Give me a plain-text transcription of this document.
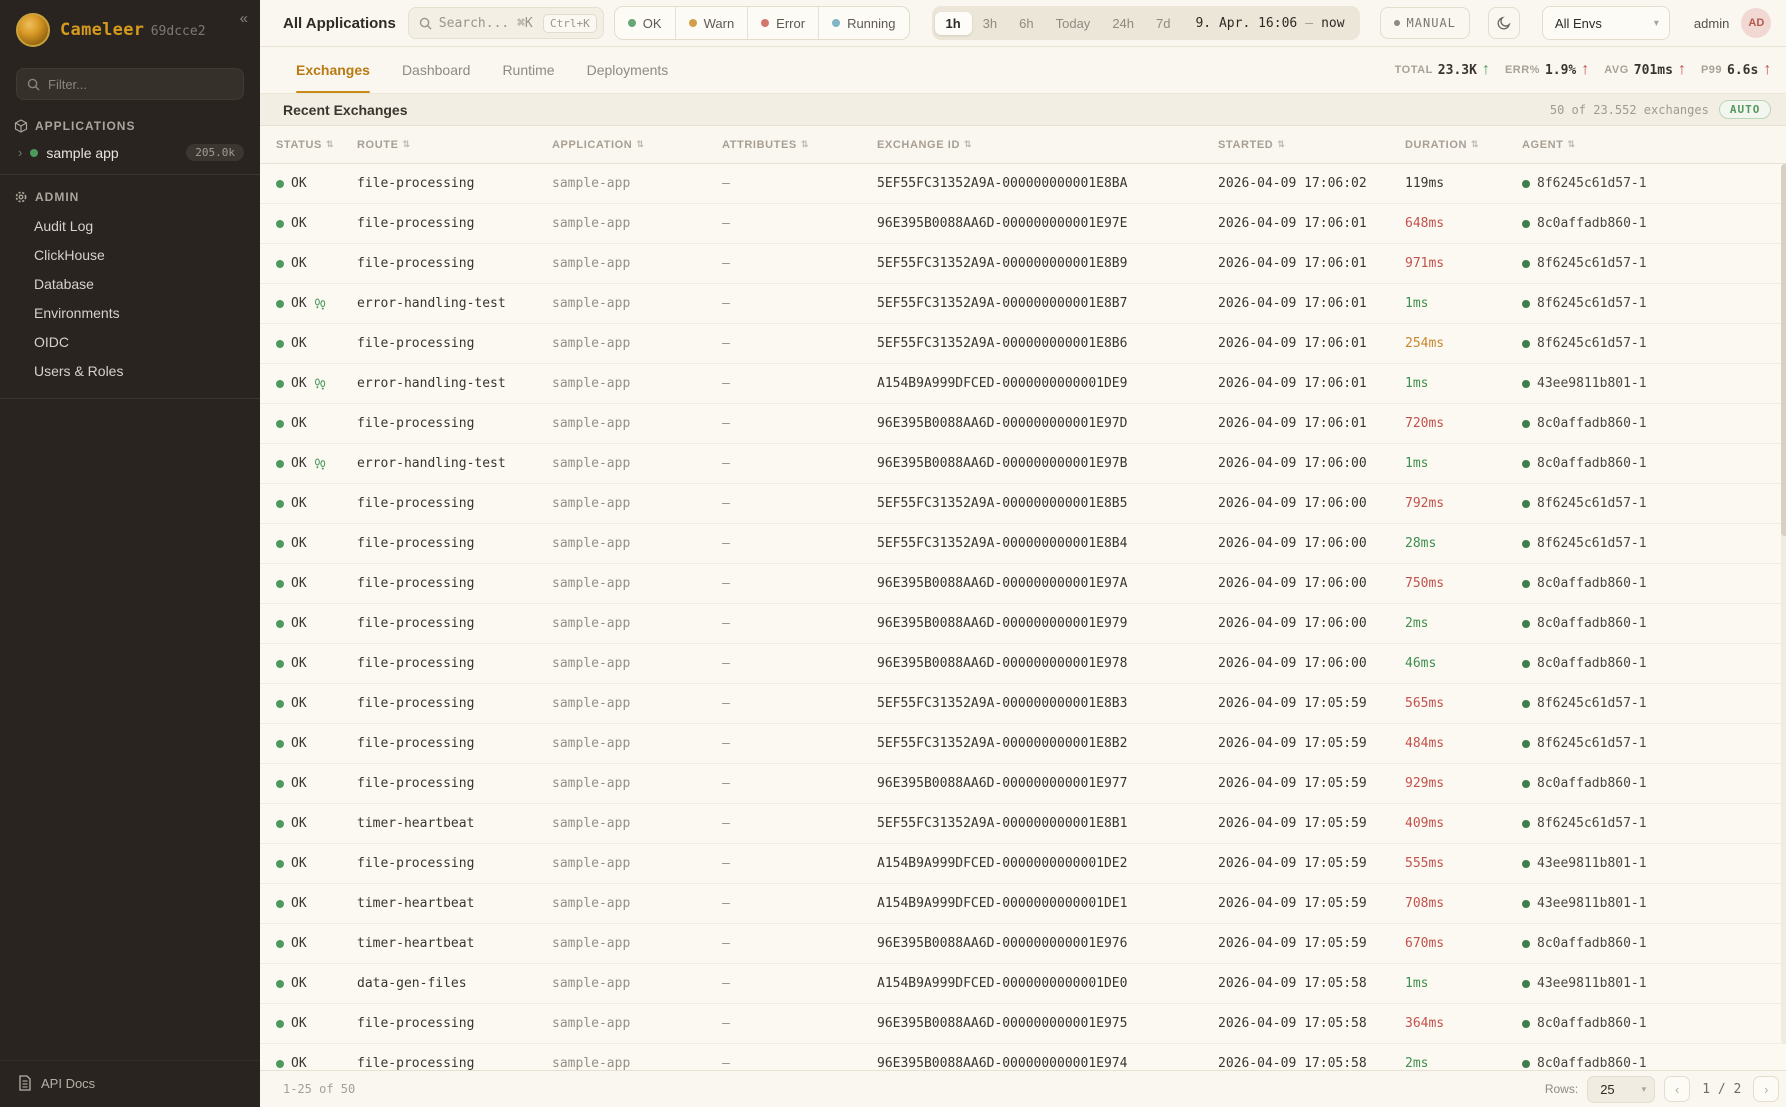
«
Cameleer 69dcce2
Filter...
APPLICATIONS
› sample app	205.0k
ADMIN
Audit Log
ClickHouse
Database
Environments
OIDC
Users & Roles
API Docs
All Applications	Search... ⌘K	Ctrl+K	OK	Warn	Error	Running	1h	3h	6h	Today	24h	7d	9. Apr. 16:06 — now	MANUAL	All Envs	▾	admin	AD
Exchanges Dashboard Runtime Deployments	TOTAL 23.3K ↑ ERR% 1.9% ↑ AVG 701ms ↑ P99 6.6s ↑
Recent Exchanges	50 of 23.552 exchanges	AUTO
STATUS ⇅ ROUTE ⇅	APPLICATION ⇅	ATTRIBUTES ⇅	EXCHANGE ID ⇅	STARTED ⇅	DURATION ⇅	AGENT ⇅
OK	file-processing	sample-app	—	5EF55FC31352A9A-000000000001E8BA	2026-04-09 17:06:02	119ms	8f6245c61d57-1
OK	file-processing	sample-app	—	96E395B0088AA6D-000000000001E97E	2026-04-09 17:06:01	648ms	8c0affadb860-1
OK	file-processing	sample-app	—	5EF55FC31352A9A-000000000001E8B9	2026-04-09 17:06:01	971ms	8f6245c61d57-1
OK	error-handling-test	sample-app	—	5EF55FC31352A9A-000000000001E8B7	2026-04-09 17:06:01	1ms	8f6245c61d57-1
OK	file-processing	sample-app	—	5EF55FC31352A9A-000000000001E8B6	2026-04-09 17:06:01	254ms	8f6245c61d57-1
OK	error-handling-test	sample-app	—	A154B9A999DFCED-0000000000001DE9	2026-04-09 17:06:01	1ms	43ee9811b801-1
OK	file-processing	sample-app	—	96E395B0088AA6D-000000000001E97D	2026-04-09 17:06:01	720ms	8c0affadb860-1
OK	error-handling-test	sample-app	—	96E395B0088AA6D-000000000001E97B	2026-04-09 17:06:00	1ms	8c0affadb860-1
OK	file-processing	sample-app	—	5EF55FC31352A9A-000000000001E8B5	2026-04-09 17:06:00	792ms	8f6245c61d57-1
OK	file-processing	sample-app	—	5EF55FC31352A9A-000000000001E8B4	2026-04-09 17:06:00	28ms	8f6245c61d57-1
OK	file-processing	sample-app	—	96E395B0088AA6D-000000000001E97A	2026-04-09 17:06:00	750ms	8c0affadb860-1
OK	file-processing	sample-app	—	96E395B0088AA6D-000000000001E979	2026-04-09 17:06:00	2ms	8c0affadb860-1
OK	file-processing	sample-app	—	96E395B0088AA6D-000000000001E978	2026-04-09 17:06:00	46ms	8c0affadb860-1
OK	file-processing	sample-app	—	5EF55FC31352A9A-000000000001E8B3	2026-04-09 17:05:59	565ms	8f6245c61d57-1
OK	file-processing	sample-app	—	5EF55FC31352A9A-000000000001E8B2	2026-04-09 17:05:59	484ms	8f6245c61d57-1
OK	file-processing	sample-app	—	96E395B0088AA6D-000000000001E977	2026-04-09 17:05:59	929ms	8c0affadb860-1
OK	timer-heartbeat	sample-app	—	5EF55FC31352A9A-000000000001E8B1	2026-04-09 17:05:59	409ms	8f6245c61d57-1
OK	file-processing	sample-app	—	A154B9A999DFCED-0000000000001DE2	2026-04-09 17:05:59	555ms	43ee9811b801-1
OK	timer-heartbeat	sample-app	—	A154B9A999DFCED-0000000000001DE1	2026-04-09 17:05:59	708ms	43ee9811b801-1
OK	timer-heartbeat	sample-app	—	96E395B0088AA6D-000000000001E976	2026-04-09 17:05:59	670ms	8c0affadb860-1
OK	data-gen-files	sample-app	—	A154B9A999DFCED-0000000000001DE0	2026-04-09 17:05:58	1ms	43ee9811b801-1
OK	file-processing	sample-app	—	96E395B0088AA6D-000000000001E975	2026-04-09 17:05:58	364ms	8c0affadb860-1
OK	file-processing	sample-app	—	96E395B0088AA6D-000000000001E974	2026-04-09 17:05:58	2ms	8c0affadb860-1
1-25 of 50	Rows: 25	▾	‹	1 / 2	›
